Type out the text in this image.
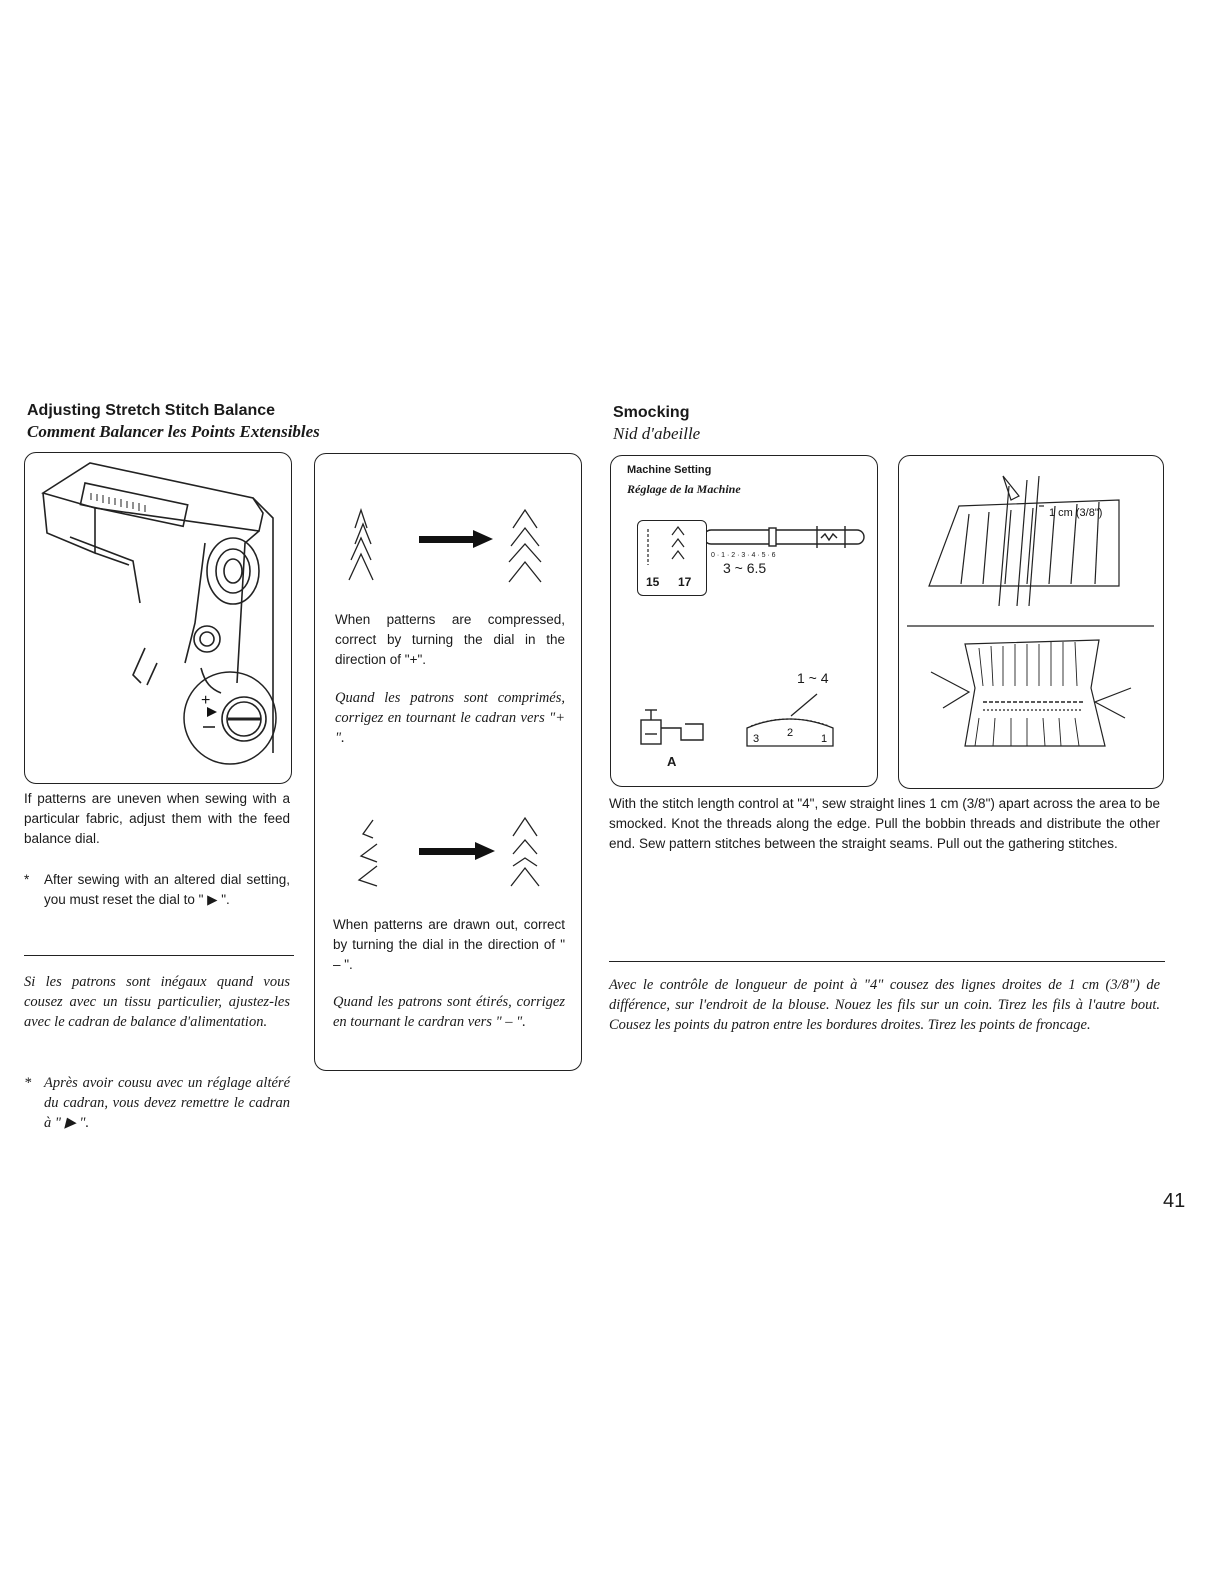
Adjusting Stretch Stitch Balance
Comment Balancer les Points Extensibles
+
If patterns are uneven when sewing with a particular fabric, adjust them with the feed balance dial.
*	After sewing with an altered dial setting, you must reset the dial to " ▶ ".
Si les patrons sont inégaux quand vous cousez avec un tissu particulier, ajustez-les avec le cadran de balance d'alimentation.
* Après avoir cousu avec un réglage altéré du cadran, vous devez remettre le cadran à " ▶ ".
When patterns are compressed, correct by turning the dial in the direction of "+".
Quand les patrons sont comprimés, corrigez en tournant le cadran vers "+ ".
When patterns are drawn out, correct by turning the dial in the direction of " – ".
Quand les patrons sont étirés, corrigez en tournant le cardran vers " – ".
Smocking
Nid d'abeille
Machine Setting
Réglage de la Machine
15 17
0 · 1 · 2 · 3 · 4 · 5 · 6
3 ~ 6.5
1 ~ 4
3	2	1
A
1 cm (3/8")
With the stitch length control at "4", sew straight lines 1 cm (3/8") apart across the area to be smocked. Knot the threads along the edge. Pull the bobbin threads and distribute the other end. Sew pattern stitches between the straight seams. Pull out the gathering stitches.
Avec le contrôle de longueur de point à "4" cousez des lignes droites de 1 cm (3/8") de différence, sur l'endroit de la blouse. Nouez les fils sur un coin. Tirez les fils à l'autre bout. Cousez les points du patron entre les bordures droites. Tirez les points de froncage.
41
